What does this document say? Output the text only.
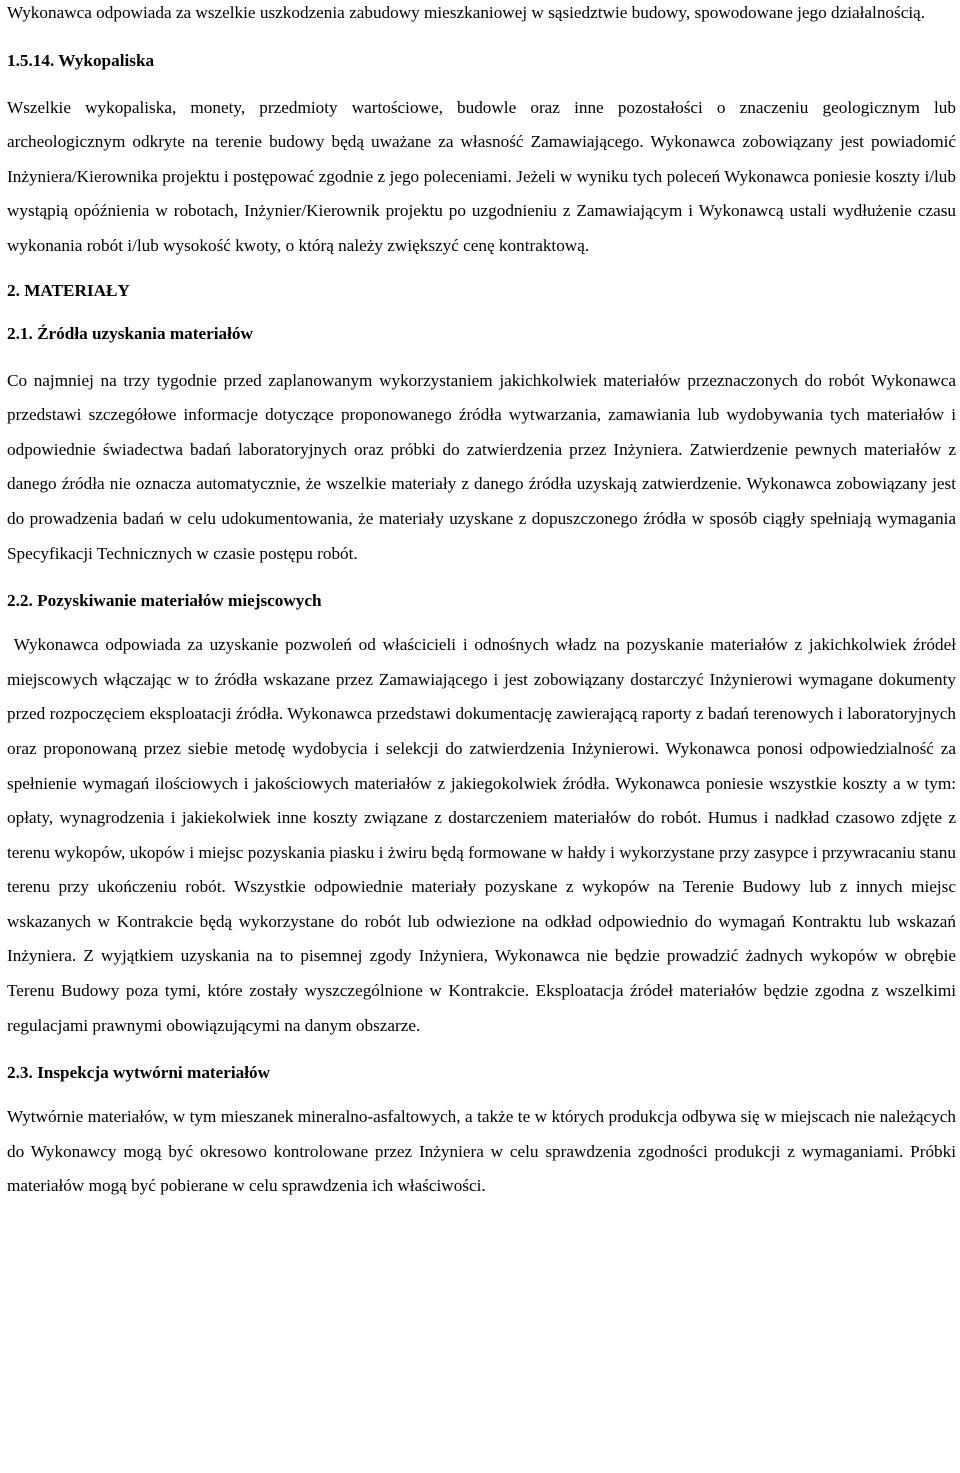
Wykonawca odpowiada za wszelkie uszkodzenia zabudowy mieszkaniowej w sąsiedztwie budowy, spowodowane jego działalnością.

1.5.14. Wykopaliska

Wszelkie wykopaliska, monety, przedmioty wartościowe, budowle oraz inne pozostałości o znaczeniu geologicznym lub archeologicznym odkryte na terenie budowy będą uważane za własność Zamawiającego. Wykonawca zobowiązany jest powiadomić Inżyniera/Kierownika projektu i postępować zgodnie z jego poleceniami. Jeżeli w wyniku tych poleceń Wykonawca poniesie koszty i/lub wystąpią opóźnienia w robotach, Inżynier/Kierownik projektu po uzgodnieniu z Zamawiającym i Wykonawcą ustali wydłużenie czasu wykonania robót i/lub wysokość kwoty, o którą należy zwiększyć cenę kontraktową.

2. MATERIAŁY

2.1. Źródła uzyskania materiałów

Co najmniej na trzy tygodnie przed zaplanowanym wykorzystaniem jakichkolwiek materiałów przeznaczonych do robót Wykonawca przedstawi szczegółowe informacje dotyczące proponowanego źródła wytwarzania, zamawiania lub wydobywania tych materiałów i odpowiednie świadectwa badań laboratoryjnych oraz próbki do zatwierdzenia przez Inżyniera. Zatwierdzenie pewnych materiałów z danego źródła nie oznacza automatycznie, że wszelkie materiały z danego źródła uzyskają zatwierdzenie. Wykonawca zobowiązany jest do prowadzenia badań w celu udokumentowania, że materiały uzyskane z dopuszczonego źródła w sposób ciągły spełniają wymagania Specyfikacji Technicznych w czasie postępu robót.

2.2. Pozyskiwanie materiałów miejscowych

Wykonawca odpowiada za uzyskanie pozwoleń od właścicieli i odnośnych władz na pozyskanie materiałów z jakichkolwiek źródeł miejscowych włączając w to źródła wskazane przez Zamawiającego i jest zobowiązany dostarczyć Inżynierowi wymagane dokumenty przed rozpoczęciem eksploatacji źródła. Wykonawca przedstawi dokumentację zawierającą raporty z badań terenowych i laboratoryjnych oraz proponowaną przez siebie metodę wydobycia i selekcji do zatwierdzenia Inżynierowi. Wykonawca ponosi odpowiedzialność za spełnienie wymagań ilościowych i jakościowych materiałów z jakiegokolwiek źródła. Wykonawca poniesie wszystkie koszty a w tym: opłaty, wynagrodzenia i jakiekolwiek inne koszty związane z dostarczeniem materiałów do robót. Humus i nadkład czasowo zdjęte z terenu wykopów, ukopów i miejsc pozyskania piasku i żwiru będą formowane w hałdy i wykorzystane przy zasypce i przywracaniu stanu terenu przy ukończeniu robót. Wszystkie odpowiednie materiały pozyskane z wykopów na Terenie Budowy lub z innych miejsc wskazanych w Kontrakcie będą wykorzystane do robót lub odwiezione na odkład odpowiednio do wymagań Kontraktu lub wskazań Inżyniera. Z wyjątkiem uzyskania na to pisemnej zgody Inżyniera, Wykonawca nie będzie prowadzić żadnych wykopów w obrębie Terenu Budowy poza tymi, które zostały wyszczególnione w Kontrakcie. Eksploatacja źródeł materiałów będzie zgodna z wszelkimi regulacjami prawnymi obowiązującymi na danym obszarze.

2.3. Inspekcja wytwórni materiałów

Wytwórnie materiałów, w tym mieszanek mineralno-asfaltowych, a także te w których produkcja odbywa się w miejscach nie należących do Wykonawcy mogą być okresowo kontrolowane przez Inżyniera w celu sprawdzenia zgodności produkcji z wymaganiami. Próbki materiałów mogą być pobierane w celu sprawdzenia ich właściwości.
